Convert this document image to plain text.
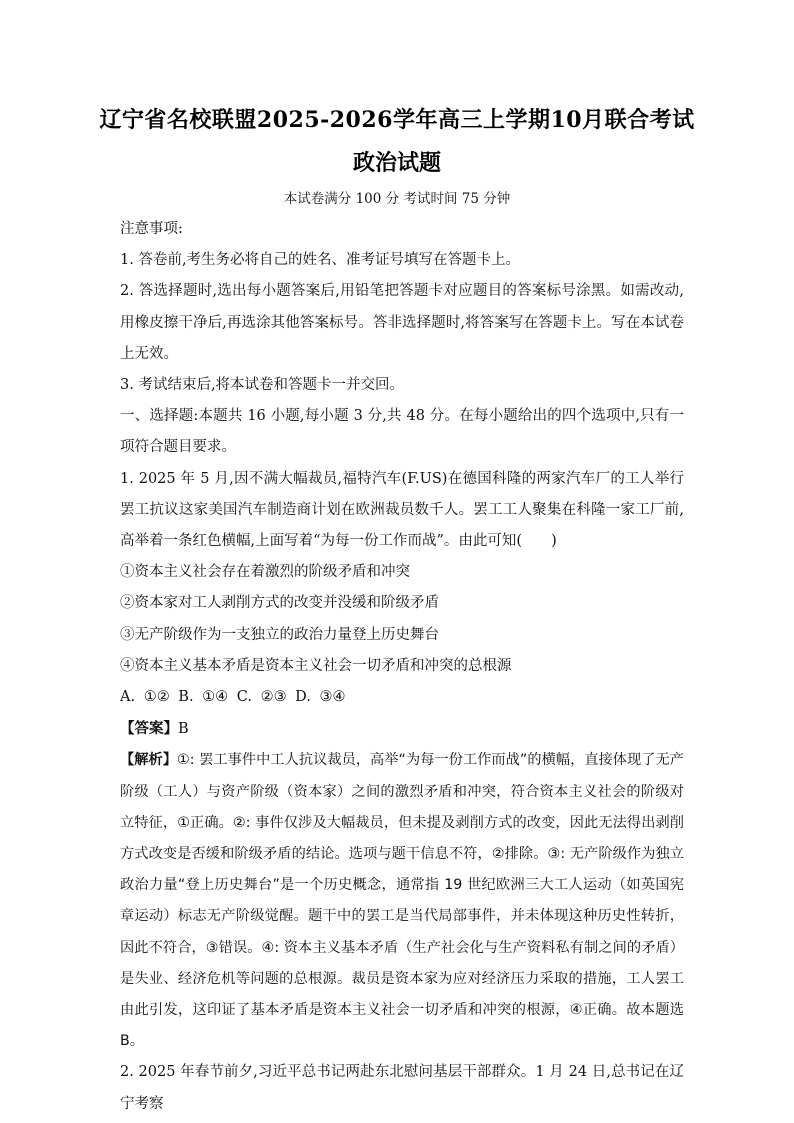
辽宁省名校联盟2025-2026学年高三上学期10月联合考试
政治试题
本试卷满分 100 分 考试时间 75 分钟

注意事项:

1. 答卷前,考生务必将自己的姓名、准考证号填写在答题卡上。

2. 答选择题时,选出每小题答案后,用铅笔把答题卡对应题目的答案标号涂黑。如需改动,用橡皮擦干净后,再选涂其他答案标号。答非选择题时,将答案写在答题卡上。写在本试卷上无效。

3. 考试结束后,将本试卷和答题卡一并交回。

一、选择题:本题共 16 小题,每小题 3 分,共 48 分。在每小题给出的四个选项中,只有一项符合题目要求。

1. 2025 年 5 月,因不满大幅裁员,福特汽车(F.US)在德国科隆的两家汽车厂的工人举行罢工抗议这家美国汽车制造商计划在欧洲裁员数千人。罢工工人聚集在科隆一家工厂前,高举着一条红色横幅,上面写着“为每一份工作而战”。由此可知(　　)

①资本主义社会存在着激烈的阶级矛盾和冲突

②资本家对工人剥削方式的改变并没缓和阶级矛盾

③无产阶级作为一支独立的政治力量登上历史舞台

④资本主义基本矛盾是资本主义社会一切矛盾和冲突的总根源

A. ①② B. ①④ C. ②③ D. ③④

【答案】B

【解析】①: 罢工事件中工人抗议裁员，高举“为每一份工作而战”的横幅，直接体现了无产阶级（工人）与资产阶级（资本家）之间的激烈矛盾和冲突，符合资本主义社会的阶级对立特征，①正确。②: 事件仅涉及大幅裁员，但未提及剥削方式的改变，因此无法得出剥削方式改变是否缓和阶级矛盾的结论。选项与题干信息不符，②排除。③: 无产阶级作为独立政治力量“登上历史舞台”是一个历史概念，通常指 19 世纪欧洲三大工人运动（如英国宪章运动）标志无产阶级觉醒。题干中的罢工是当代局部事件，并未体现这种历史性转折，因此不符合，③错误。④: 资本主义基本矛盾（生产社会化与生产资料私有制之间的矛盾）是失业、经济危机等问题的总根源。裁员是资本家为应对经济压力采取的措施，工人罢工由此引发，这印证了基本矛盾是资本主义社会一切矛盾和冲突的根源，④正确。故本题选 B。

2. 2025 年春节前夕,习近平总书记两赴东北慰问基层干部群众。1 月 24 日,总书记在辽宁考察
